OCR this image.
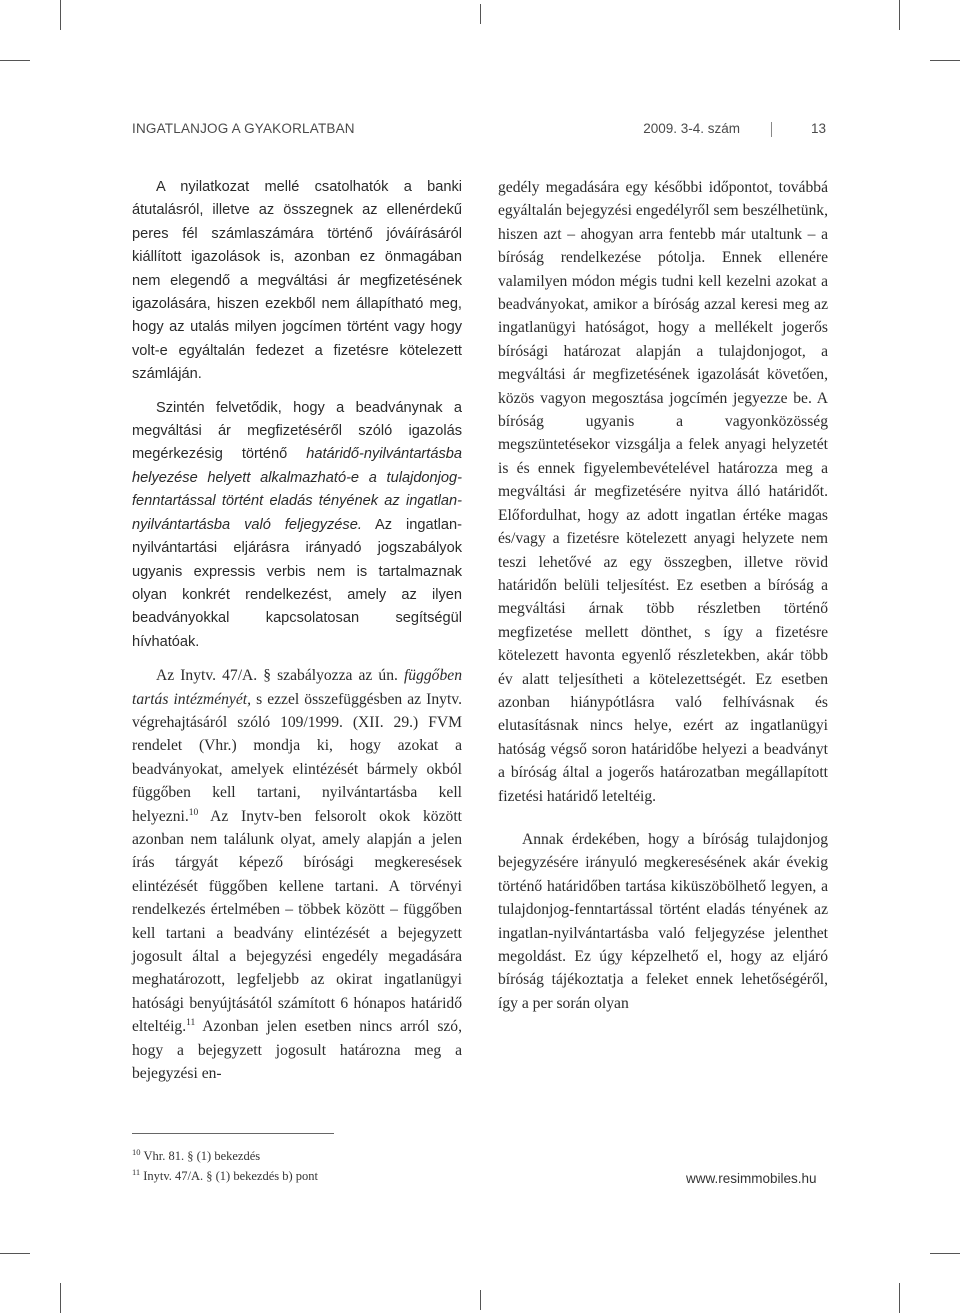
INGATLANJOG A GYAKORLATBAN	2009. 3-4. szám	13

A nyilatkozat mellé csatolhatók a banki átutalásról, illetve az összegnek az ellenérdekű peres fél számlaszámára történő jóváírásáról kiállított igazolások is, azonban ez önmagában nem elegendő a megváltási ár megfizetésének igazolására, hiszen ezekből nem állapítható meg, hogy az utalás milyen jogcímen történt vagy hogy volt-e egyáltalán fedezet a fizetésre kötelezett számláján.

Szintén felvetődik, hogy a beadványnak a megváltási ár megfizetéséről szóló igazolás megérkezésig történő határidő-nyilvántartásba helyezése helyett alkalmazható-e a tulajdonjog-fenntartással történt eladás tényének az ingatlan-nyilvántartásba való feljegyzése. Az ingatlan-nyilvántartási eljárásra irányadó jogszabályok ugyanis expressis verbis nem is tartalmaznak olyan konkrét rendelkezést, amely az ilyen beadványokkal kapcsolatosan segítségül hívhatóak.

Az Inytv. 47/A. § szabályozza az ún. függőben tartás intézményét, s ezzel összefüggésben az Inytv. végrehajtásáról szóló 109/1999. (XII. 29.) FVM rendelet (Vhr.) mondja ki, hogy azokat a beadványokat, amelyek elintézését bármely okból függőben kell tartani, nyilvántartásba kell helyezni.$^{10}$ Az Inytv-ben felsorolt okok között azonban nem találunk olyat, amely alapján a jelen írás tárgyát képező bírósági megkeresések elintézését függőben kellene tartani. A törvényi rendelkezés értelmében – többek között – függőben kell tartani a beadvány elintézését a bejegyzett jogosult által a bejegyzési engedély megadására meghatározott, legfeljebb az okirat ingatlanügyi hatósági benyújtásától számított 6 hónapos határidő elteltéig.$^{11}$ Azonban jelen esetben nincs arról szó, hogy a bejegyzett jogosult határozna meg a bejegyzési en-

gedély megadására egy későbbi időpontot, továbbá egyáltalán bejegyzési engedélyről sem beszélhetünk, hiszen azt – ahogyan arra fentebb már utaltunk – a bíróság rendelkezése pótolja. Ennek ellenére valamilyen módon mégis tudni kell kezelni azokat a beadványokat, amikor a bíróság azzal keresi meg az ingatlanügyi hatóságot, hogy a mellékelt jogerős bírósági határozat alapján a tulajdonjogot, a megváltási ár megfizetésének igazolását követően, közös vagyon megosztása jogcímén jegyezze be. A bíróság ugyanis a vagyonközösség megszüntetésekor vizsgálja a felek anyagi helyzetét is és ennek figyelembevételével határozza meg a megváltási ár megfizetésére nyitva álló határidőt. Előfordulhat, hogy az adott ingatlan értéke magas és/vagy a fizetésre kötelezett anyagi helyzete nem teszi lehetővé az egy összegben, illetve rövid határidőn belüli teljesítést. Ez esetben a bíróság a megváltási árnak több részletben történő megfizetése mellett dönthet, s így a fizetésre kötelezett havonta egyenlő részletekben, akár több év alatt teljesítheti a kötelezettségét. Ez esetben azonban hiánypótlásra való felhívásnak és elutasításnak nincs helye, ezért az ingatlanügyi hatóság végső soron határidőbe helyezi a beadványt a bíróság által a jogerős határozatban megállapított fizetési határidő leteltéig.

Annak érdekében, hogy a bíróság tulajdonjog bejegyzésére irányuló megkeresésének akár évekig történő határidőben tartása kiküszöbölhető legyen, a tulajdonjog-fenntartással történt eladás tényének az ingatlan-nyilvántartásba való feljegyzése jelenthet megoldást. Ez úgy képzelhető el, hogy az eljáró bíróság tájékoztatja a feleket ennek lehetőségéről, így a per során olyan

$^{10}$ Vhr. 81. § (1) bekezdés
$^{11}$ Inytv. 47/A. § (1) bekezdés b) pont	www.resimmobiles.hu
